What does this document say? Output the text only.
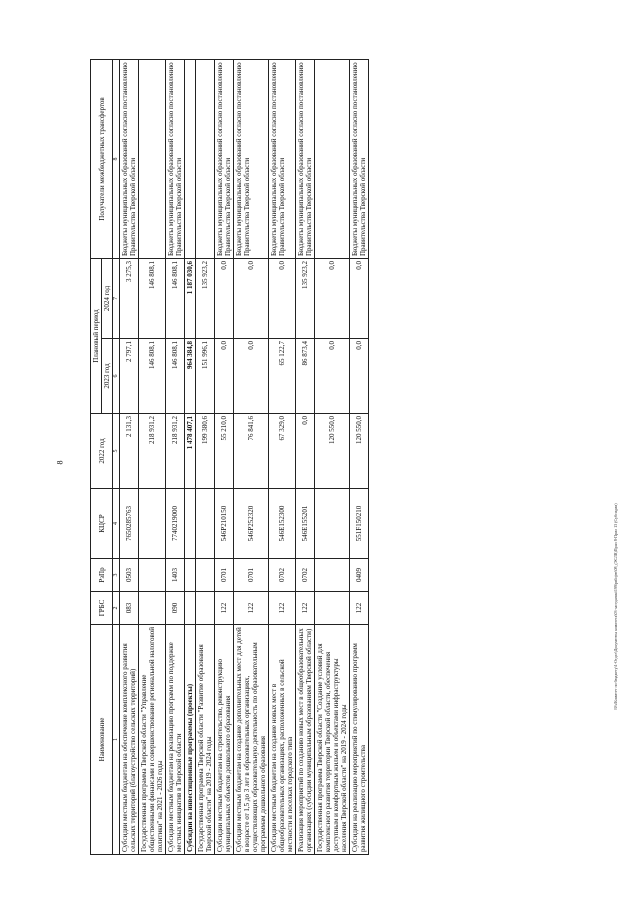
8
Наименование	ГРБС	РзПр	КЦСР	2022 год	Плановый период		Получатели межбюджетных трансфертов
					2023 год	2024 год	
1	2	3	4	5	6	7	8
Субсидии местным бюджетам на обеспечение комплексного развития сельских территорий (благоустройство сельских территорий)	083	0503	7650285763	2 131,3	2 797,1	3 275,3	Бюджеты муниципальных образований согласно постановлению Правительства Тверской области
Государственная программа Тверской области "Управление общественными финансами и совершенствование региональной налоговой политики" на 2021 - 2026 годы				218 931,2	146 808,1	146 808,1	
Субсидии местным бюджетам на реализацию программ по поддержке местных инициатив в Тверской области	090	1403	7740219000	218 931,2	146 808,1	146 808,1	Бюджеты муниципальных образований согласно постановлению Правительства Тверской области
Субсидии на инвестиционные программы (проекты)				1 478 407,1	964 384,8	1 187 030,6	
Государственная программа Тверской области "Развитие образования Тверской области" на 2019 - 2024 годы				199 380,6	151 996,1	135 923,2	
Субсидии местным бюджетам на строительство, реконструкцию муниципальных объектов дошкольного образования	122	0701	546Р210150	55 210,0	0,0	0,0	Бюджеты муниципальных образований согласно постановлению Правительства Тверской области
Субсидии местным бюджетам на создание дополнительных мест для детей в возрасте от 1,5 до 3 лет в образовательных организациях, осуществляющих образовательную деятельность по образовательным программам дошкольного образования	122	0701	546Р252320	76 841,6	0,0	0,0	Бюджеты муниципальных образований согласно постановлению Правительства Тверской области
Субсидии местным бюджетам на создание новых мест в общеобразовательных организациях, расположенных в сельской местности и поселках городского типа	122	0702	546Е152300	67 329,0	65 122,7	0,0	Бюджеты муниципальных образований согласно постановлению Правительства Тверской области
Реализация мероприятий по созданию новых мест в общеобразовательных организациях (субсидии муниципальным образованиям Тверской области)	122	0702	546Е155201	0,0	86 873,4	135 923,2	Бюджеты муниципальных образований согласно постановлению Правительства Тверской области
Государственная программа Тверской области "Создание условий для комплексного развития территории Тверской области, обеспечения доступным и комфортным жильем и объектами инфраструктуры населения Тверской области" на 2019 - 2024 годы				120 550,0	0,0	0,0	
Субсидии на реализацию мероприятий по стимулированию программ развития жилищного строительства	122	0409	551F150210	120 550,0	0,0	0,0	Бюджеты муниципальных образований согласно постановлению Правительства Тверской области
\\Fs\Комитет по бюджету\1-Отдел\Документы комитета\03-заседания\199\prilojen\08_(ЭСЛВ)Прил 8-Прил 13 (Субсидии)
